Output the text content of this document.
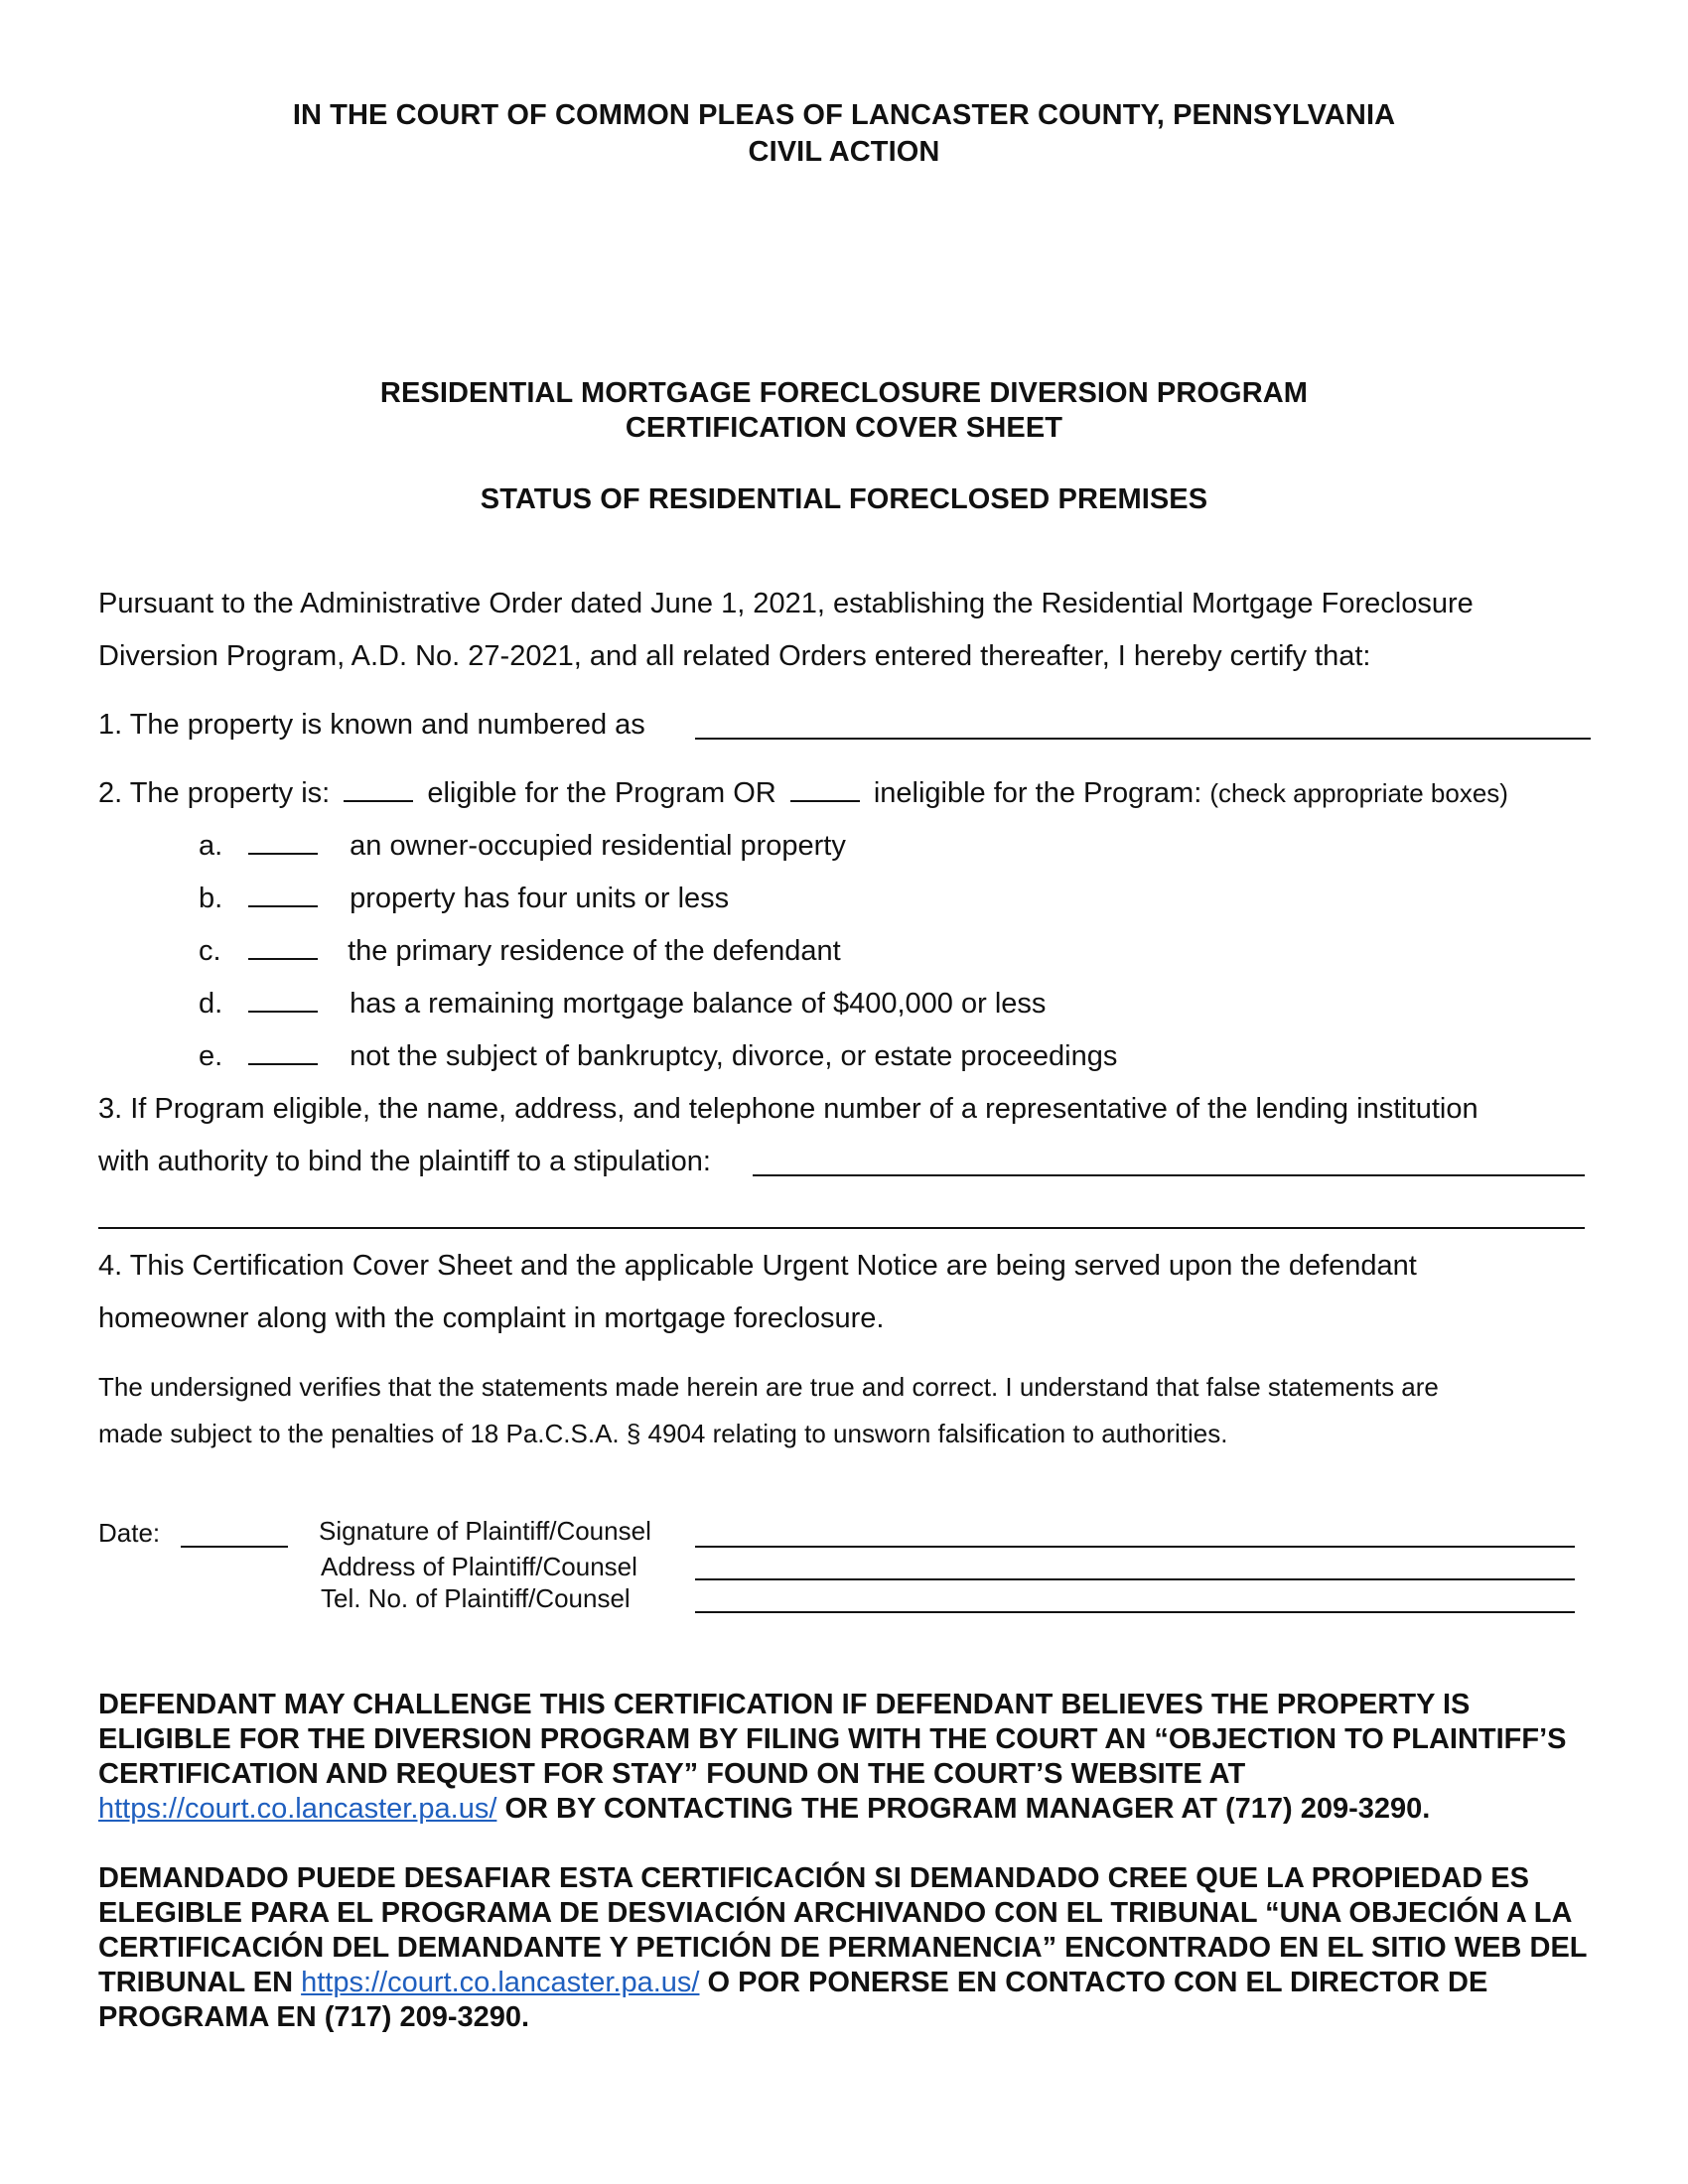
IN THE COURT OF COMMON PLEAS OF LANCASTER COUNTY, PENNSYLVANIA
CIVIL ACTION
RESIDENTIAL MORTGAGE FORECLOSURE DIVERSION PROGRAM
CERTIFICATION COVER SHEET
STATUS OF RESIDENTIAL FORECLOSED PREMISES
Pursuant to the Administrative Order dated June 1, 2021, establishing the Residential Mortgage Foreclosure
Diversion Program, A.D. No. 27-2021, and all related Orders entered thereafter, I hereby certify that:
1. The property is known and numbered as
2. The property is:	eligible for the Program OR	ineligible for the Program: (check appropriate boxes)
a.	an owner-occupied residential property
b.	property has four units or less
c.	the primary residence of the defendant
d.	has a remaining mortgage balance of $400,000 or less
e.	not the subject of bankruptcy, divorce, or estate proceedings
3. If Program eligible, the name, address, and telephone number of a representative of the lending institution
with authority to bind the plaintiff to a stipulation:
4. This Certification Cover Sheet and the applicable Urgent Notice are being served upon the defendant
homeowner along with the complaint in mortgage foreclosure.
The undersigned verifies that the statements made herein are true and correct. I understand that false statements are
made subject to the penalties of 18 Pa.C.S.A. § 4904 relating to unsworn falsification to authorities.
Date:	Signature of Plaintiff/Counsel
Address of Plaintiff/Counsel
Tel. No. of Plaintiff/Counsel
DEFENDANT MAY CHALLENGE THIS CERTIFICATION IF DEFENDANT BELIEVES THE PROPERTY IS ELIGIBLE FOR THE DIVERSION PROGRAM BY FILING WITH THE COURT AN “OBJECTION TO PLAINTIFF’S CERTIFICATION AND REQUEST FOR STAY” FOUND ON THE COURT’S WEBSITE AT https://court.co.lancaster.pa.us/ OR BY CONTACTING THE PROGRAM MANAGER AT (717) 209-3290.
DEMANDADO PUEDE DESAFIAR ESTA CERTIFICACIÓN SI DEMANDADO CREE QUE LA PROPIEDAD ES ELEGIBLE PARA EL PROGRAMA DE DESVIACIÓN ARCHIVANDO CON EL TRIBUNAL “UNA OBJECIÓN A LA CERTIFICACIÓN DEL DEMANDANTE Y PETICIÓN DE PERMANENCIA” ENCONTRADO EN EL SITIO WEB DEL TRIBUNAL EN https://court.co.lancaster.pa.us/ O POR PONERSE EN CONTACTO CON EL DIRECTOR DE PROGRAMA EN (717) 209-3290.
